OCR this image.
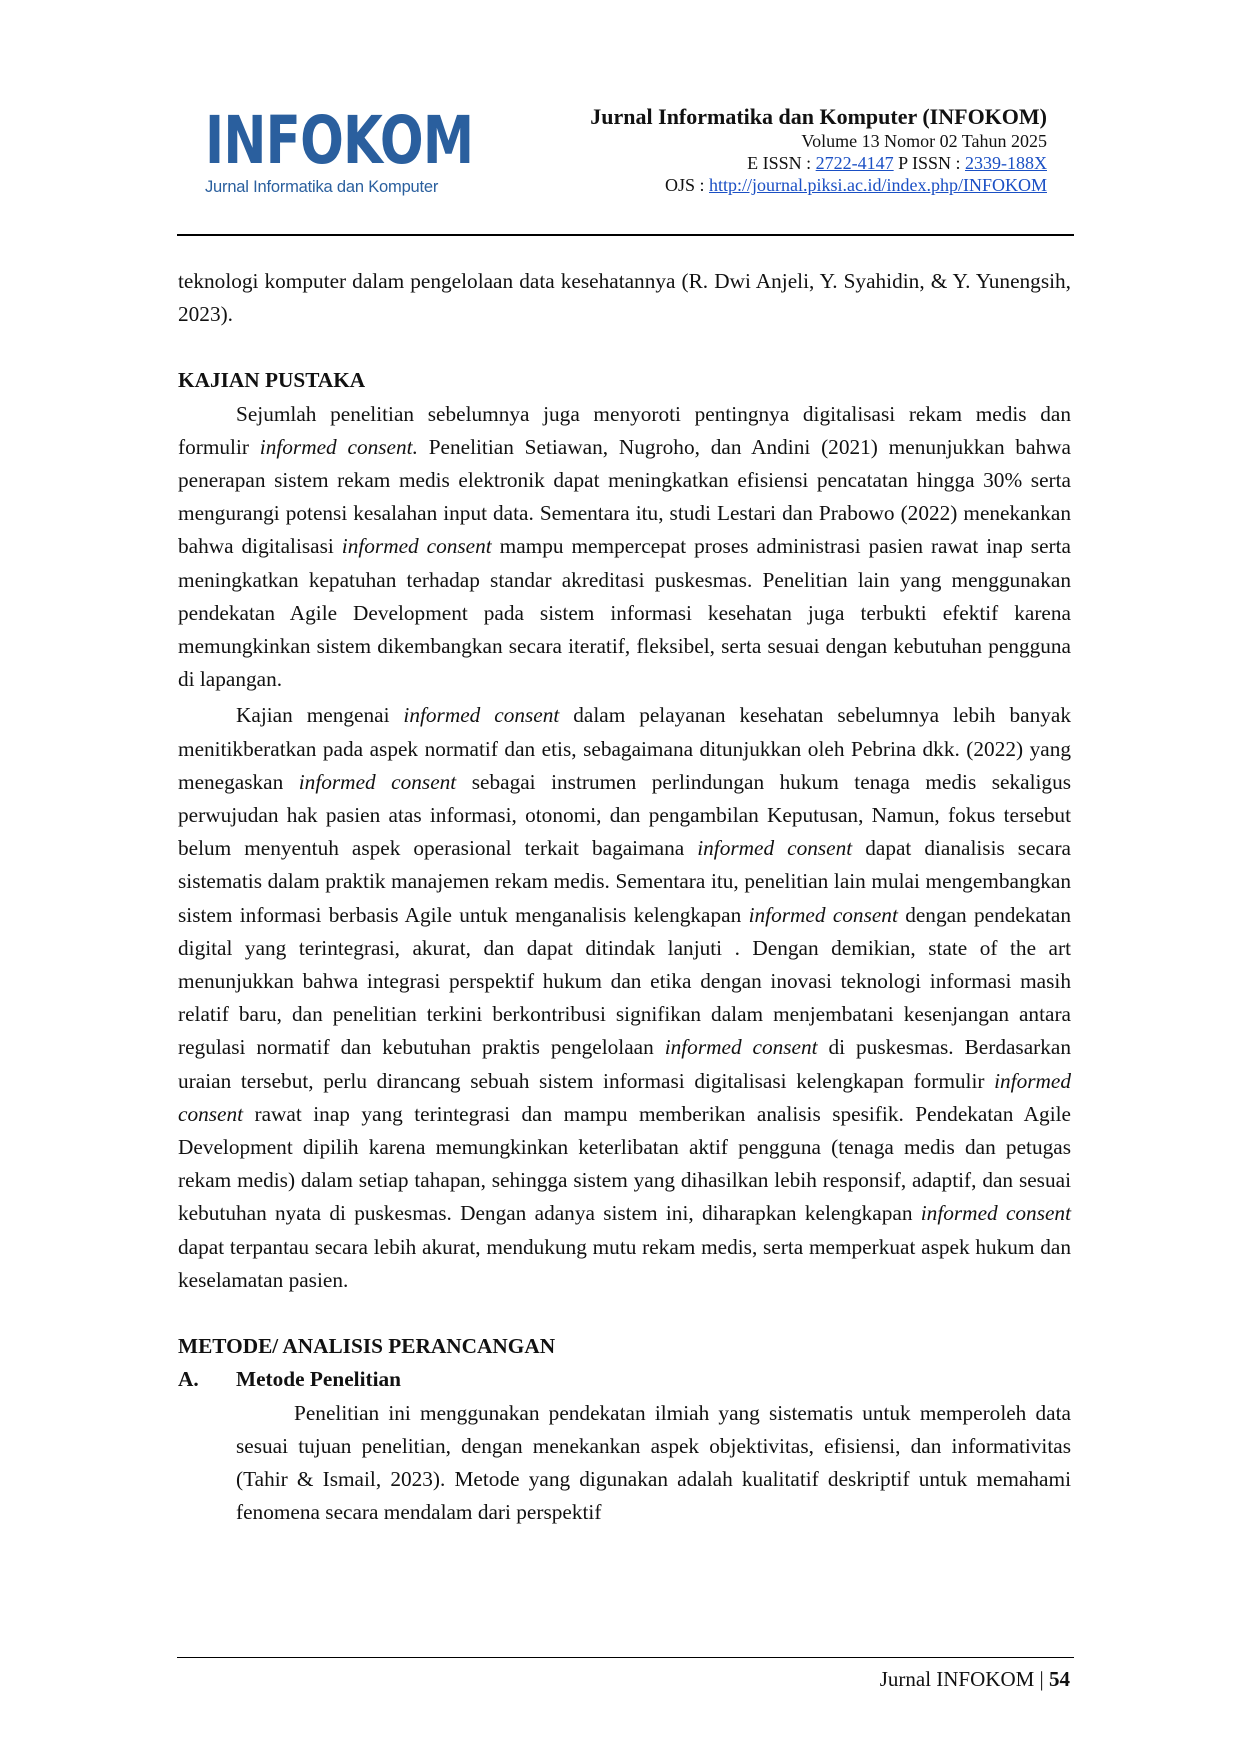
INFOKOM
Jurnal Informatika dan Komputer
Jurnal Informatika dan Komputer (INFOKOM)
Volume 13 Nomor 02 Tahun 2025
E ISSN : 2722-4147 P ISSN : 2339-188X
OJS : http://journal.piksi.ac.id/index.php/INFOKOM

teknologi komputer dalam pengelolaan data kesehatannya (R. Dwi Anjeli, Y. Syahidin, & Y. Yunengsih, 2023).

KAJIAN PUSTAKA

Sejumlah penelitian sebelumnya juga menyoroti pentingnya digitalisasi rekam medis dan formulir informed consent. Penelitian Setiawan, Nugroho, dan Andini (2021) menunjukkan bahwa penerapan sistem rekam medis elektronik dapat meningkatkan efisiensi pencatatan hingga 30% serta mengurangi potensi kesalahan input data. Sementara itu, studi Lestari dan Prabowo (2022) menekankan bahwa digitalisasi informed consent mampu mempercepat proses administrasi pasien rawat inap serta meningkatkan kepatuhan terhadap standar akreditasi puskesmas. Penelitian lain yang menggunakan pendekatan Agile Development pada sistem informasi kesehatan juga terbukti efektif karena memungkinkan sistem dikembangkan secara iteratif, fleksibel, serta sesuai dengan kebutuhan pengguna di lapangan.

Kajian mengenai informed consent dalam pelayanan kesehatan sebelumnya lebih banyak menitikberatkan pada aspek normatif dan etis, sebagaimana ditunjukkan oleh Pebrina dkk. (2022) yang menegaskan informed consent sebagai instrumen perlindungan hukum tenaga medis sekaligus perwujudan hak pasien atas informasi, otonomi, dan pengambilan Keputusan, Namun, fokus tersebut belum menyentuh aspek operasional terkait bagaimana informed consent dapat dianalisis secara sistematis dalam praktik manajemen rekam medis. Sementara itu, penelitian lain mulai mengembangkan sistem informasi berbasis Agile untuk menganalisis kelengkapan informed consent dengan pendekatan digital yang terintegrasi, akurat, dan dapat ditindak lanjuti . Dengan demikian, state of the art menunjukkan bahwa integrasi perspektif hukum dan etika dengan inovasi teknologi informasi masih relatif baru, dan penelitian terkini berkontribusi signifikan dalam menjembatani kesenjangan antara regulasi normatif dan kebutuhan praktis pengelolaan informed consent di puskesmas. Berdasarkan uraian tersebut, perlu dirancang sebuah sistem informasi digitalisasi kelengkapan formulir informed consent rawat inap yang terintegrasi dan mampu memberikan analisis spesifik. Pendekatan Agile Development dipilih karena memungkinkan keterlibatan aktif pengguna (tenaga medis dan petugas rekam medis) dalam setiap tahapan, sehingga sistem yang dihasilkan lebih responsif, adaptif, dan sesuai kebutuhan nyata di puskesmas. Dengan adanya sistem ini, diharapkan kelengkapan informed consent dapat terpantau secara lebih akurat, mendukung mutu rekam medis, serta memperkuat aspek hukum dan keselamatan pasien.

METODE/ ANALISIS PERANCANGAN
A.	Metode Penelitian

Penelitian ini menggunakan pendekatan ilmiah yang sistematis untuk memperoleh data sesuai tujuan penelitian, dengan menekankan aspek objektivitas, efisiensi, dan informativitas (Tahir & Ismail, 2023). Metode yang digunakan adalah kualitatif deskriptif untuk memahami fenomena secara mendalam dari perspektif

Jurnal INFOKOM | 54
